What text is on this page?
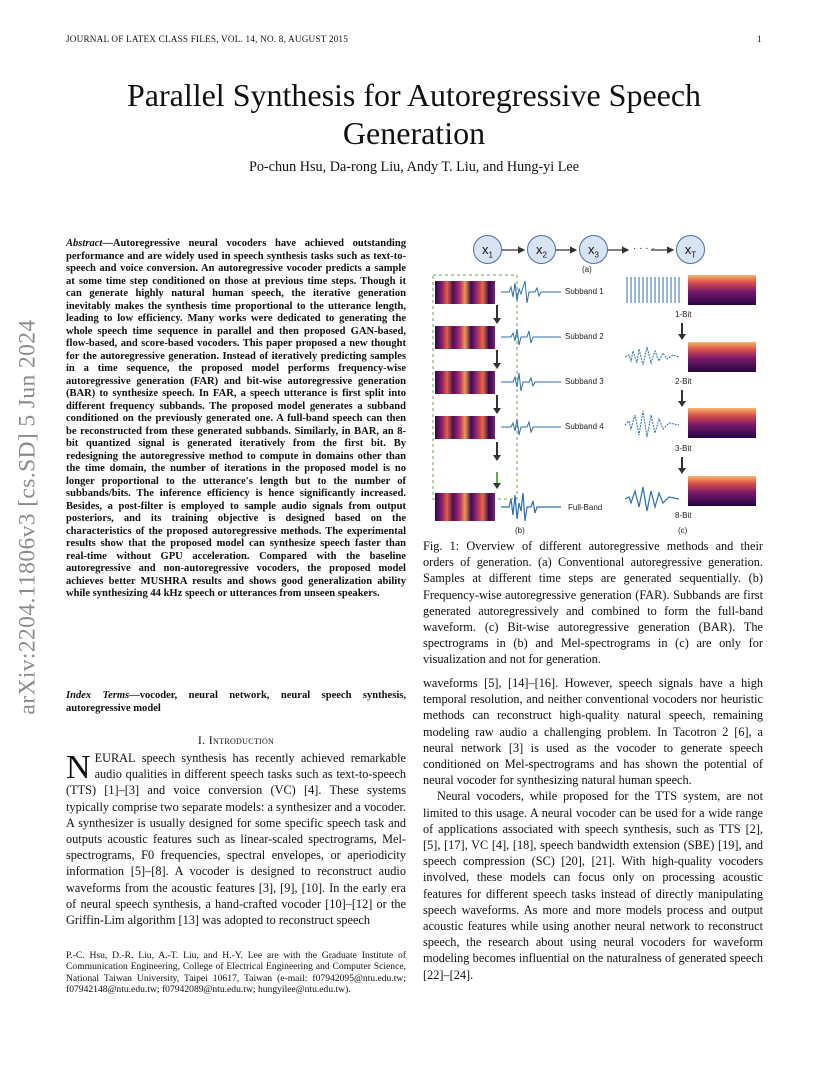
JOURNAL OF LATEX CLASS FILES, VOL. 14, NO. 8, AUGUST 2015	1
arXiv:2204.11806v3 [cs.SD] 5 Jun 2024
Parallel Synthesis for Autoregressive Speech Generation
Po-chun Hsu, Da-rong Liu, Andy T. Liu, and Hung-yi Lee
Abstract—Autoregressive neural vocoders have achieved outstanding performance and are widely used in speech synthesis tasks such as text-to-speech and voice conversion. An autoregressive vocoder predicts a sample at some time step conditioned on those at previous time steps. Though it can generate highly natural human speech, the iterative generation inevitably makes the synthesis time proportional to the utterance length, leading to low efficiency. Many works were dedicated to generating the whole speech time sequence in parallel and then proposed GAN-based, flow-based, and score-based vocoders. This paper proposed a new thought for the autoregressive generation. Instead of iteratively predicting samples in a time sequence, the proposed model performs frequency-wise autoregressive generation (FAR) and bit-wise autoregressive generation (BAR) to synthesize speech. In FAR, a speech utterance is first split into different frequency subbands. The proposed model generates a subband conditioned on the previously generated one. A full-band speech can then be reconstructed from these generated subbands. Similarly, in BAR, an 8-bit quantized signal is generated iteratively from the first bit. By redesigning the autoregressive method to compute in domains other than the time domain, the number of iterations in the proposed model is no longer proportional to the utterance's length but to the number of subbands/bits. The inference efficiency is hence significantly increased. Besides, a post-filter is employed to sample audio signals from output posteriors, and its training objective is designed based on the characteristics of the proposed autoregressive methods. The experimental results show that the proposed model can synthesize speech faster than real-time without GPU acceleration. Compared with the baseline autoregressive and non-autoregressive vocoders, the proposed model achieves better MUSHRA results and shows good generalization ability while synthesizing 44 kHz speech or utterances from unseen speakers.
Index Terms—vocoder, neural network, neural speech synthesis, autoregressive model
I. Introduction
NEURAL speech synthesis has recently achieved remarkable audio qualities in different speech tasks such as text-to-speech (TTS) [1]–[3] and voice conversion (VC) [4]. These systems typically comprise two separate models: a synthesizer and a vocoder. A synthesizer is usually designed for some specific speech task and outputs acoustic features such as linear-scaled spectrograms, Mel-spectrograms, F0 frequencies, spectral envelopes, or aperiodicity information [5]–[8]. A vocoder is designed to reconstruct audio waveforms from the acoustic features [3], [9], [10]. In the early era of neural speech synthesis, a hand-crafted vocoder [10]–[12] or the Griffin-Lim algorithm [13] was adopted to reconstruct speech
P.-C. Hsu, D.-R. Liu, A.-T. Liu, and H.-Y. Lee are with the Graduate Institute of Communication Engineering, College of Electrical Engineering and Computer Science, National Taiwan University, Taipei 10617, Taiwan (e-mail: f07942095@ntu.edu.tw; f07942148@ntu.edu.tw; f07942089@ntu.edu.tw; hungyilee@ntu.edu.tw).
$x_1$	$x_2$	$x_3$	$x_T$
· · · ·
(a)
Subband 1
Subband 2
Subband 3
Subband 4
Full-Band
(b)
1-Bit
2-Bit
3-Bit
8-Bit
(c)
Fig. 1: Overview of different autoregressive methods and their orders of generation. (a) Conventional autoregressive generation. Samples at different time steps are generated sequentially. (b) Frequency-wise autoregressive generation (FAR). Subbands are first generated autoregressively and combined to form the full-band waveform. (c) Bit-wise autoregressive generation (BAR). The spectrograms in (b) and Mel-spectrograms in (c) are only for visualization and not for generation.

waveforms [5], [14]–[16]. However, speech signals have a high temporal resolution, and neither conventional vocoders nor heuristic methods can reconstruct high-quality natural speech, remaining modeling raw audio a challenging problem. In Tacotron 2 [6], a neural network [3] is used as the vocoder to generate speech conditioned on Mel-spectrograms and has shown the potential of neural vocoder for synthesizing natural human speech.

Neural vocoders, while proposed for the TTS system, are not limited to this usage. A neural vocoder can be used for a wide range of applications associated with speech synthesis, such as TTS [2], [5], [17], VC [4], [18], speech bandwidth extension (SBE) [19], and speech compression (SC) [20], [21]. With high-quality vocoders involved, these models can focus only on processing acoustic features for different speech tasks instead of directly manipulating speech waveforms. As more and more models process and output acoustic features while using another neural network to reconstruct speech, the research about using neural vocoders for waveform modeling becomes influential on the naturalness of generated speech [22]–[24].
